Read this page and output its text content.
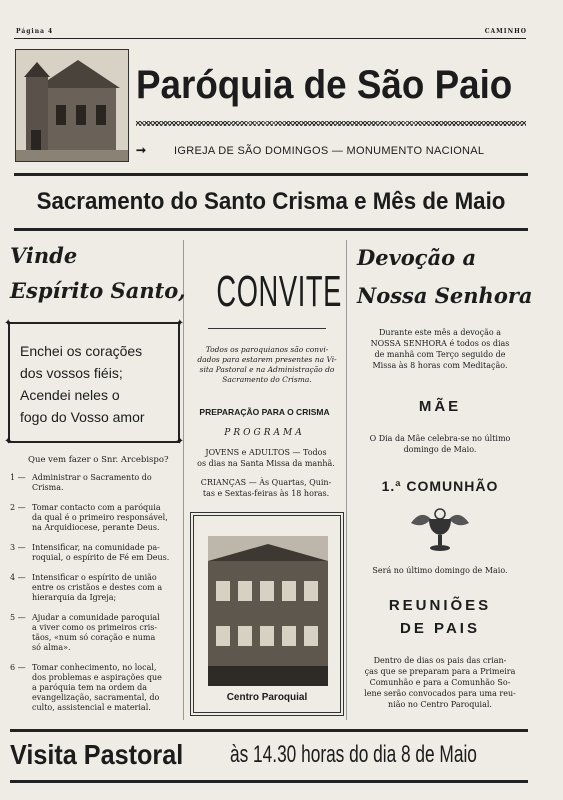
Página 4	CAMINHO
Paróquia de São Paio
➞	IGREJA DE SÃO DOMINGOS — MONUMENTO NACIONAL
Sacramento do Santo Crisma e Mês de Maio
Vinde
Espírito Santo,
✦	✦
✦	✦
Enchei os corações
dos vossos fiéis;
Acendei neles o
fogo do Vosso amor
Que vem fazer o Snr. Arcebispo?
1 — Administrar o Sacramento do
Crisma.
2 — Tomar contacto com a paróquia
da qual é o primeiro responsável,
na Arquidiocese, perante Deus.
3 — Intensificar, na comunidade pa-
roquial, o espírito de Fé em Deus.
4 — Intensificar o espírito de união
entre os cristãos e destes com a
hierarquia da Igreja;
5 — Ajudar a comunidade paroquial
a viver como os primeiros cris-
tãos, «num só coração e numa
só alma».
6 — Tomar conhecimento, no local,
dos problemas e aspirações que
a paróquia tem na ordem da
evangelização, sacramental, do
culto, assistencial e material.
CONVITE
Todos os paroquianos são convi-
dados para estarem presentes na Vi-
sita Pastoral e na Administração do
Sacramento do Crisma.
PREPARAÇÃO PARA O CRISMA
PROGRAMA
JOVENS e ADULTOS — Todos
os dias na Santa Missa da manhã.
CRIANÇAS — Às Quartas, Quin-
tas e Sextas-feiras às 18 horas.
Centro Paroquial
Devoção a
Nossa Senhora
Durante este mês a devoção a
NOSSA SENHORA é todos os dias
de manhã com Terço seguido de
Missa às 8 horas com Meditação.
MÃE
O Dia da Mãe celebra-se no último
domingo de Maio.
1.ª COMUNHÃO
Será no último domingo de Maio.
REUNIÕES
DE PAIS
Dentro de dias os pais das crian-
ças que se preparam para a Primeira
Comunhão e para a Comunhão So-
lene serão convocados para uma reu-
nião no Centro Paroquial.
Visita Pastoral às 14.30 horas do dia 8 de Maio
